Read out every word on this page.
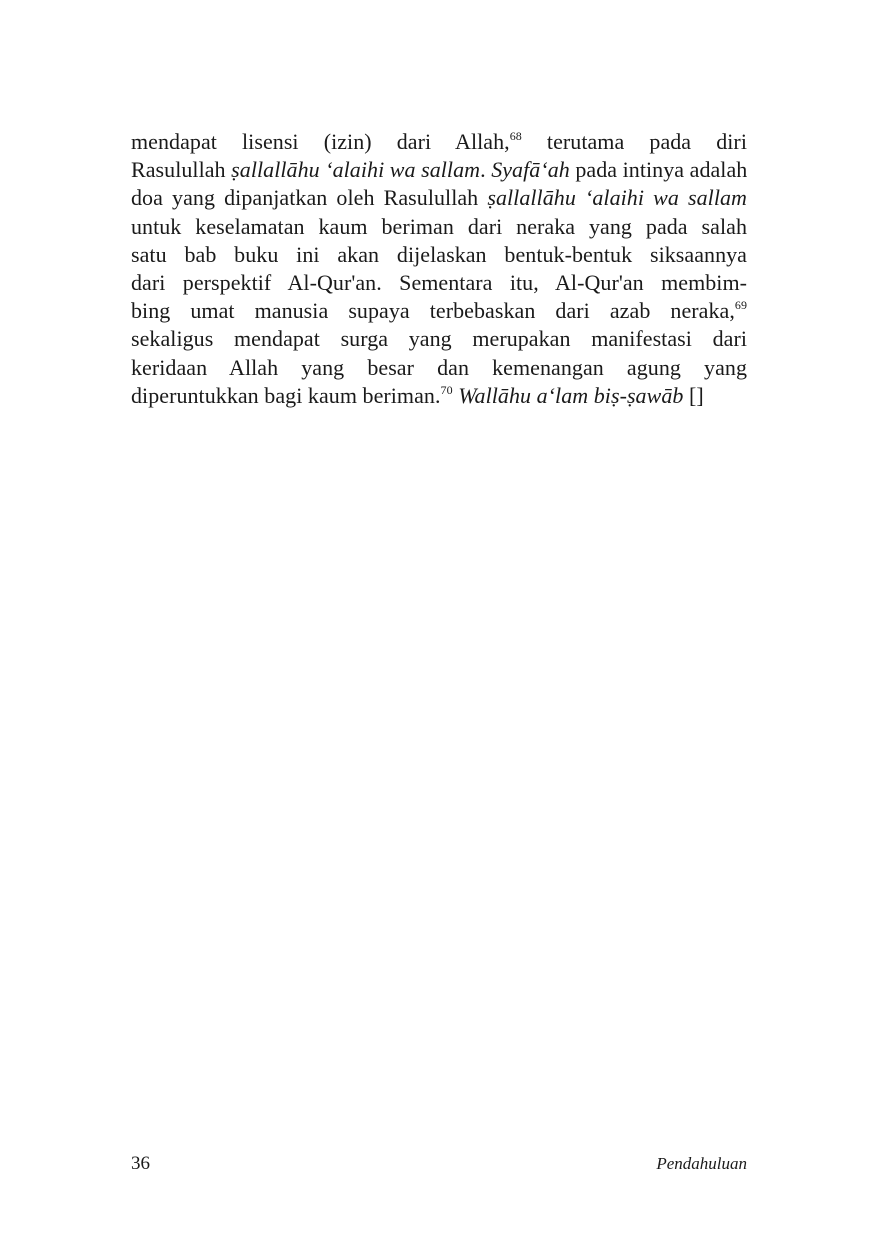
mendapat lisensi (izin) dari Allah,$^{68}$ terutama pada diri
Rasulullah ṣallallāhu ‘alaihi wa sallam. Syafā‘ah pada intinya adalah
doa yang dipanjatkan oleh Rasulullah ṣallallāhu ‘alaihi wa sallam
untuk keselamatan kaum beriman dari neraka yang pada salah
satu bab buku ini akan dijelaskan bentuk-bentuk siksaannya
dari perspektif Al-Qur'an. Sementara itu, Al-Qur'an membim-
bing umat manusia supaya terbebaskan dari azab neraka,$^{69}$
sekaligus mendapat surga yang merupakan manifestasi dari
keridaan Allah yang besar dan kemenangan agung yang
diperuntukkan bagi kaum beriman.$^{70}$ Wallāhu a‘lam biṣ-ṣawāb []
36	Pendahuluan
